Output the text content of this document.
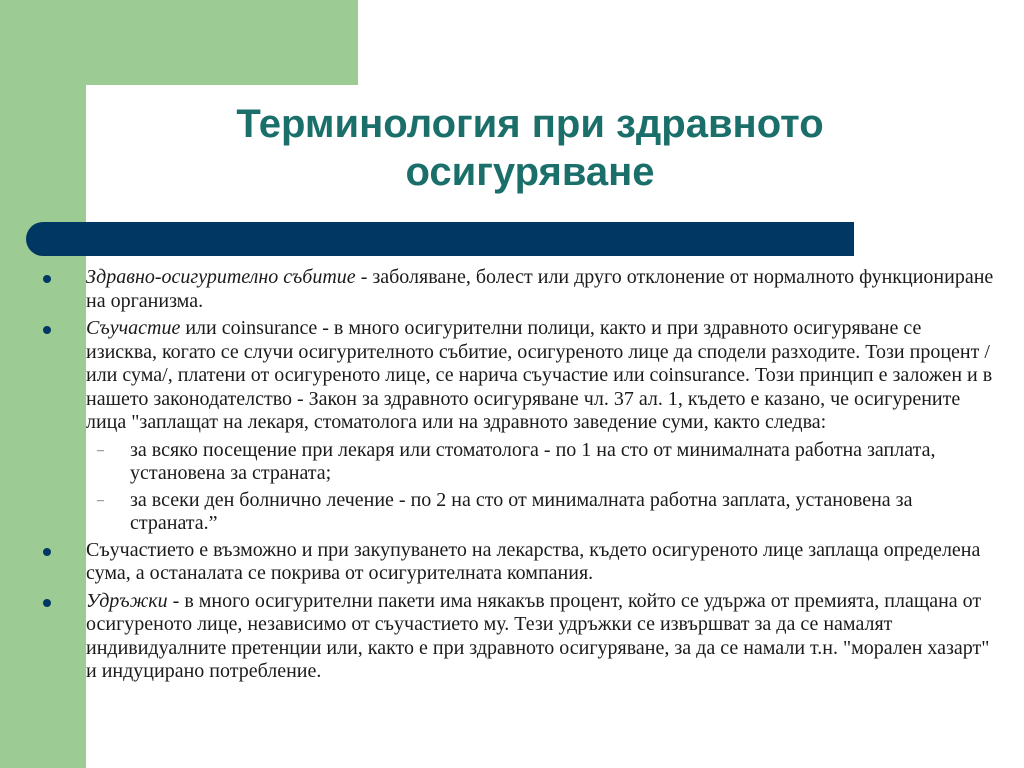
Терминология при здравното
осигуряване
Здравно-осигурително събитие - заболяване, болест или друго отклонение от нормалното функциониране на организма.
Съучастие или coinsurance - в много осигурителни полици, както и при здравното осигуряване се изисква, когато се случи осигурителното събитие, осигуреното лице да сподели разходите. Този процент /или сума/, платени от осигуреното лице, се нарича съучастие или coinsurance. Този принцип е заложен и в нашето законодателство - Закон за здравното осигуряване чл. 37 ал. 1, където е казано, че осигурените лица "заплащат на лекаря, стоматолога или на здравното заведение суми, както следва:
– за всяко посещение при лекаря или стоматолога - по 1 на сто от минималната работна заплата, установена за страната;
– за всеки ден болнично лечение - по 2 на сто от минималната работна заплата, установена за страната.”
Съучастието е възможно и при закупуването на лекарства, където осигуреното лице заплаща определена сума, а останалата се покрива от осигурителната компания.
Удръжки - в много осигурителни пакети има някакъв процент, който се удържа от премията, плащана от осигуреното лице, независимо от съучастието му. Тези удръжки се извършват за да се намалят индивидуалните претенции или, както е при здравното осигуряване, за да се намали т.н. "морален хазарт" и индуцирано потребление.
